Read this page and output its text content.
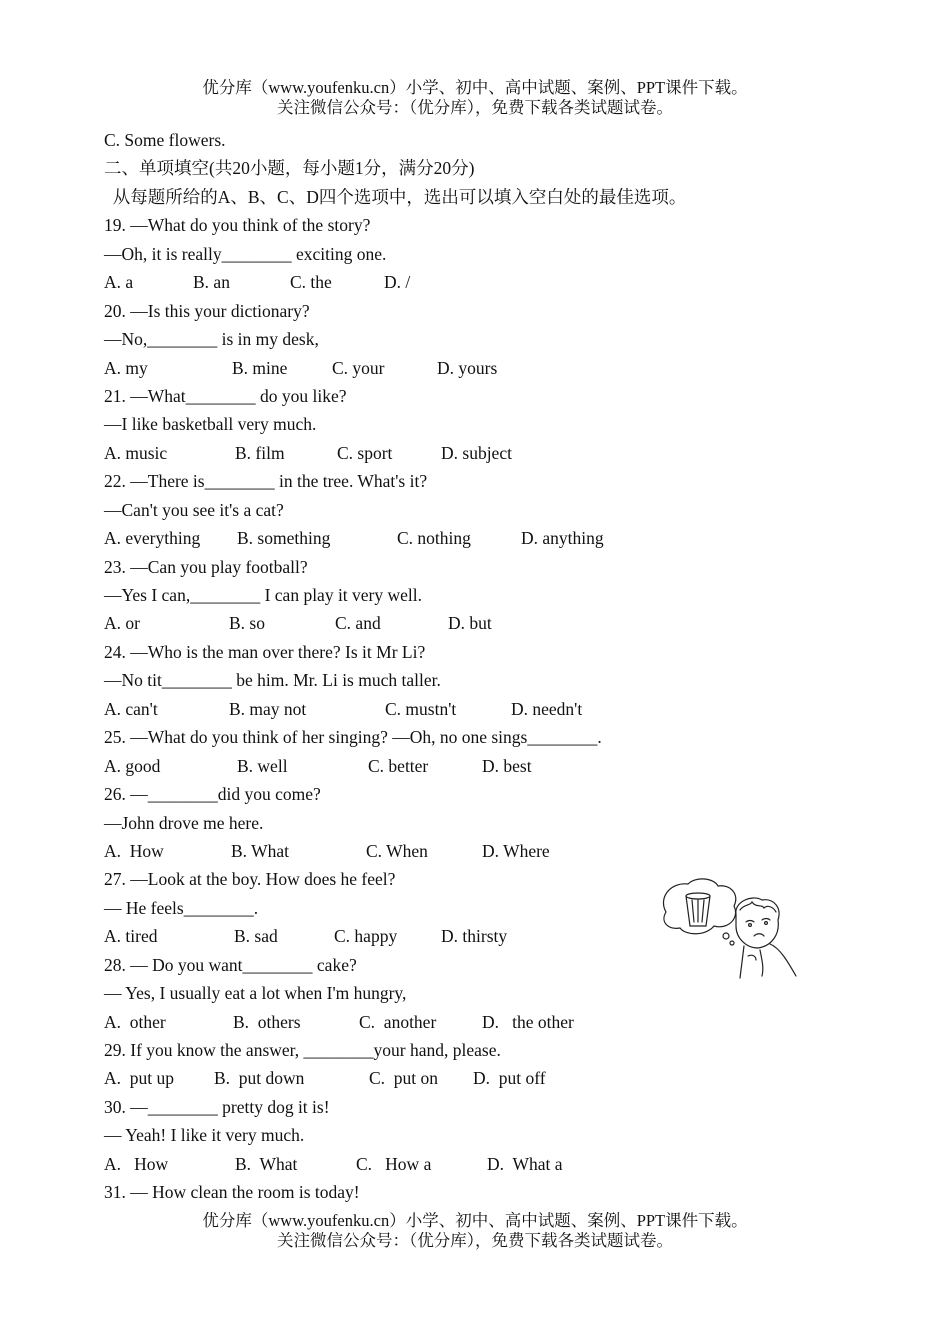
优分库（www.youfenku.cn）小学、初中、高中试题、案例、PPT课件下载。
关注微信公众号：（优分库），免费下载各类试题试卷。
C. Some flowers.
二、单项填空(共20小题，每小题1分，满分20分)
从每题所给的A、B、C、D四个选项中，选出可以填入空白处的最佳选项。
19. —What do you think of the story?
—Oh, it is really________ exciting one.
A. a	B. an	C. the	D. /
20. —Is this your dictionary?
—No,________ is in my desk,
A. my	B. mine	C. your	D. yours
21. —What________ do you like?
—I like basketball very much.
A. music	B. film	C. sport	D. subject
22. —There is________ in the tree. What's it?
—Can't you see it's a cat?
A. everything B. something	C. nothing	D. anything
23. —Can you play football?
—Yes I can,________ I can play it very well.
A. or	B. so	C. and	D. but
24. —Who is the man over there? Is it Mr Li?
—No tit________ be him. Mr. Li is much taller.
A. can't	B. may not	C. mustn't	D. needn't
25. —What do you think of her singing? —Oh, no one sings________.
A. good	B. well	C. better	D. best
26. —________did you come?
—John drove me here.
A.  How	B. What	C. When	D. Where
27. —Look at the boy. How does he feel?
— He feels________.
A. tired	B. sad	C. happy	D. thirsty
28. — Do you want________ cake?
— Yes, I usually eat a lot when I'm hungry,
A.  other	B.  others	C.  another	D.   the other
29. If you know the answer, ________your hand, please.
A.  put up B.  put down	C.  put on D.  put off
30. —________ pretty dog it is!
— Yeah! I like it very much.
A.   How	B.  What	C.   How a	D.  What a
31. — How clean the room is today!
优分库（www.youfenku.cn）小学、初中、高中试题、案例、PPT课件下载。
关注微信公众号：（优分库），免费下载各类试题试卷。
